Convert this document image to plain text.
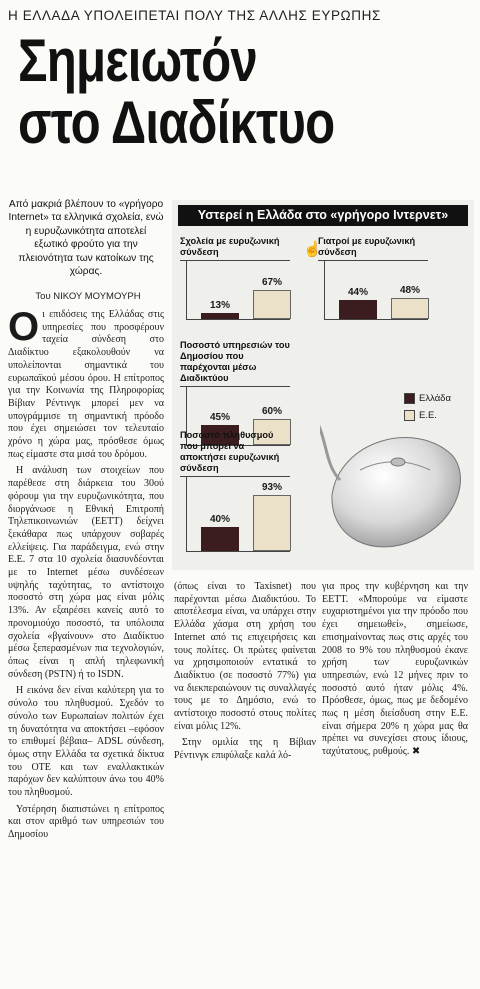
Η ΕΛΛΑΔΑ ΥΠΟΛΕΙΠΕΤΑΙ ΠΟΛΥ ΤΗΣ ΑΛΛΗΣ ΕΥΡΩΠΗΣ
Σημειωτόν
στο Διαδίκτυο
Από μακριά βλέπουν το «γρήγορο Internet» τα ελληνικά σχολεία, ενώ η ευρυζωνικότητα αποτελεί εξωτικό φρούτο για την πλειονότητα των κατοίκων της χώρας.
Του ΝΙΚΟΥ ΜΟΥΜΟΥΡΗ

Οι επιδόσεις της Ελλάδας στις υπηρεσίες που προσφέρουν ταχεία σύνδεση στο Διαδίκτυο εξακολουθούν να υπολείπονται σημαντικά του ευρωπαϊκού μέσου όρου. Η επίτροπος για την Κοινωνία της Πληροφορίας Βίβιαν Ρέντινγκ μπορεί μεν να υπογράμμισε τη σημαντική πρόοδο που έχει σημειώσει τον τελευταίο χρόνο η χώρα μας, πρόσθεσε όμως πως είμαστε στα μισά του δρόμου.

Η ανάλυση των στοιχείων που παρέθεσε στη διάρκεια του 30ού φόρουμ για την ευρυζωνικότητα, που διοργάνωσε η Εθνική Επιτροπή Τηλεπικοινωνιών (ΕΕΤΤ) δείχνει ξεκάθαρα πως υπάρχουν σοβαρές ελλείψεις. Για παράδειγμα, ενώ στην Ε.Ε. 7 στα 10 σχολεία διασυνδέονται με το Internet μέσω συνδέσεων υψηλής ταχύτητας, το αντίστοιχο ποσοστό στη χώρα μας είναι μόλις 13%. Αν εξαιρέσει κανείς αυτό το προνομιούχο ποσοστό, τα υπόλοιπα σχολεία «βγαίνουν» στο Διαδίκτυο μέσω ξεπερασμένων πια τεχνολογιών, όπως είναι η απλή τηλεφωνική σύνδεση (PSTN) ή το ISDN.

Η εικόνα δεν είναι καλύτερη για το σύνολο του πληθυσμού. Σχεδόν το σύνολο των Ευρωπαίων πολιτών έχει τη δυνατότητα να αποκτήσει –εφόσον το επιθυμεί βέβαια– ADSL σύνδεση, όμως στην Ελλάδα τα σχετικά δίκτυα του ΟΤΕ και των εναλλακτικών παρόχων δεν καλύπτουν άνω του 40% του πληθυσμού.

Υστέρηση διαπιστώνει η επίτροπος και στον αριθμό των υπηρεσιών του Δημοσίου

(όπως είναι το Taxisnet) που παρέχονται μέσω Διαδικτύου. Το αποτέλεσμα είναι, να υπάρχει στην Ελλάδα χάσμα στη χρήση του Internet από τις επιχειρήσεις και τους πολίτες. Οι πρώτες φαίνεται να χρησιμοποιούν εντατικά το Διαδίκτυο (σε ποσοστό 77%) για να διεκπεραιώνουν τις συναλλαγές τους με το Δημόσιο, ενώ το αντίστοιχο ποσοστό στους πολίτες είναι μόλις 12%.

Στην ομιλία της η Βίβιαν Ρέντινγκ επιφύλαξε καλά λό-

για προς την κυβέρνηση και την ΕΕΤΤ. «Μπορούμε να είμαστε ευχαριστημένοι για την πρόοδο που έχει σημειωθεί», σημείωσε, επισημαίνοντας πως στις αρχές του 2008 το 9% του πληθυσμού έκανε χρήση των ευρυζωνικών υπηρεσιών, ενώ 12 μήνες πριν το ποσοστό αυτό ήταν μόλις 4%. Πρόσθεσε, όμως, πως με δεδομένο πως η μέση διείσδυση στην Ε.Ε. είναι σήμερα 20% η χώρα μας θα πρέπει να συνεχίσει στους ίδιους, ταχύτατους, ρυθμούς. ✖

Υστερεί η Ελλάδα στο «γρήγορο Ιντερνετ»
☝
Σχολεία με ευρυζωνική σύνδεση
13%
67%
Γιατροί με ευρυζωνική σύνδεση
44%	48%
Ποσοστό υπηρεσιών του Δημοσίου που παρέχονται μέσω Διαδικτύου
45%
60%
Ποσοστό πληθυσμού που μπορεί να αποκτήσει ευρυζωνική σύνδεση
40%
93%
Ελλάδα
Ε.Ε.
